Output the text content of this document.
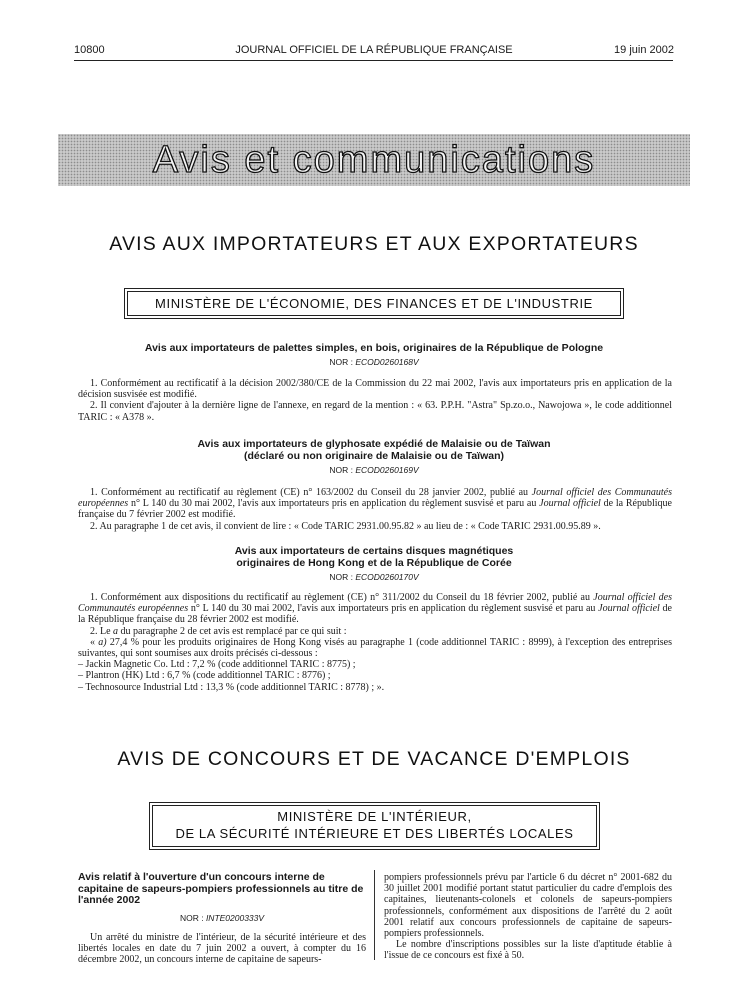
10800	JOURNAL OFFICIEL DE LA RÉPUBLIQUE FRANÇAISE	19 juin 2002
Avis et communications
AVIS AUX IMPORTATEURS ET AUX EXPORTATEURS
MINISTÈRE DE L'ÉCONOMIE, DES FINANCES ET DE L'INDUSTRIE
Avis aux importateurs de palettes simples, en bois, originaires de la République de Pologne
NOR : ECOD0260168V

1. Conformément au rectificatif à la décision 2002/380/CE de la Commission du 22 mai 2002, l'avis aux importateurs pris en application de la décision susvisée est modifié.

2. Il convient d'ajouter à la dernière ligne de l'annexe, en regard de la mention : « 63. P.P.H. "Astra" Sp.zo.o., Nawojowa », le code additionnel TARIC : « A378 ».

Avis aux importateurs de glyphosate expédié de Malaisie ou de Taïwan
(déclaré ou non originaire de Malaisie ou de Taïwan)
NOR : ECOD0260169V

1. Conformément au rectificatif au règlement (CE) n° 163/2002 du Conseil du 28 janvier 2002, publié au Journal officiel des Communautés européennes n° L 140 du 30 mai 2002, l'avis aux importateurs pris en application du règlement susvisé et paru au Journal officiel de la République française du 7 février 2002 est modifié.

2. Au paragraphe 1 de cet avis, il convient de lire : « Code TARIC 2931.00.95.82 » au lieu de : « Code TARIC 2931.00.95.89 ».

Avis aux importateurs de certains disques magnétiques
originaires de Hong Kong et de la République de Corée
NOR : ECOD0260170V

1. Conformément aux dispositions du rectificatif au règlement (CE) n° 311/2002 du Conseil du 18 février 2002, publié au Journal officiel des Communautés européennes n° L 140 du 30 mai 2002, l'avis aux importateurs pris en application du règlement susvisé et paru au Journal officiel de la République française du 28 février 2002 est modifié.

2. Le a du paragraphe 2 de cet avis est remplacé par ce qui suit :

« a) 27,4 % pour les produits originaires de Hong Kong visés au paragraphe 1 (code additionnel TARIC : 8999), à l'exception des entreprises suivantes, qui sont soumises aux droits précisés ci-dessous :

– Jackin Magnetic Co. Ltd : 7,2 % (code additionnel TARIC : 8775) ;

– Plantron (HK) Ltd : 6,7 % (code additionnel TARIC : 8776) ;

– Technosource Industrial Ltd : 13,3 % (code additionnel TARIC : 8778) ; ».

AVIS DE CONCOURS ET DE VACANCE D'EMPLOIS
MINISTÈRE DE L'INTÉRIEUR,
DE LA SÉCURITÉ INTÉRIEURE ET DES LIBERTÉS LOCALES

Avis relatif à l'ouverture d'un concours interne de capitaine de sapeurs-pompiers professionnels au titre de l'année 2002

NOR : INTE0200333V

Un arrêté du ministre de l'intérieur, de la sécurité intérieure et des libertés locales en date du 7 juin 2002 a ouvert, à compter du 16 décembre 2002, un concours interne de capitaine de sapeurs-

pompiers professionnels prévu par l'article 6 du décret n° 2001-682 du 30 juillet 2001 modifié portant statut particulier du cadre d'emplois des capitaines, lieutenants-colonels et colonels de sapeurs-pompiers professionnels, conformément aux dispositions de l'arrêté du 2 août 2001 relatif aux concours professionnels de capitaine de sapeurs-pompiers professionnels.

Le nombre d'inscriptions possibles sur la liste d'aptitude établie à l'issue de ce concours est fixé à 50.
